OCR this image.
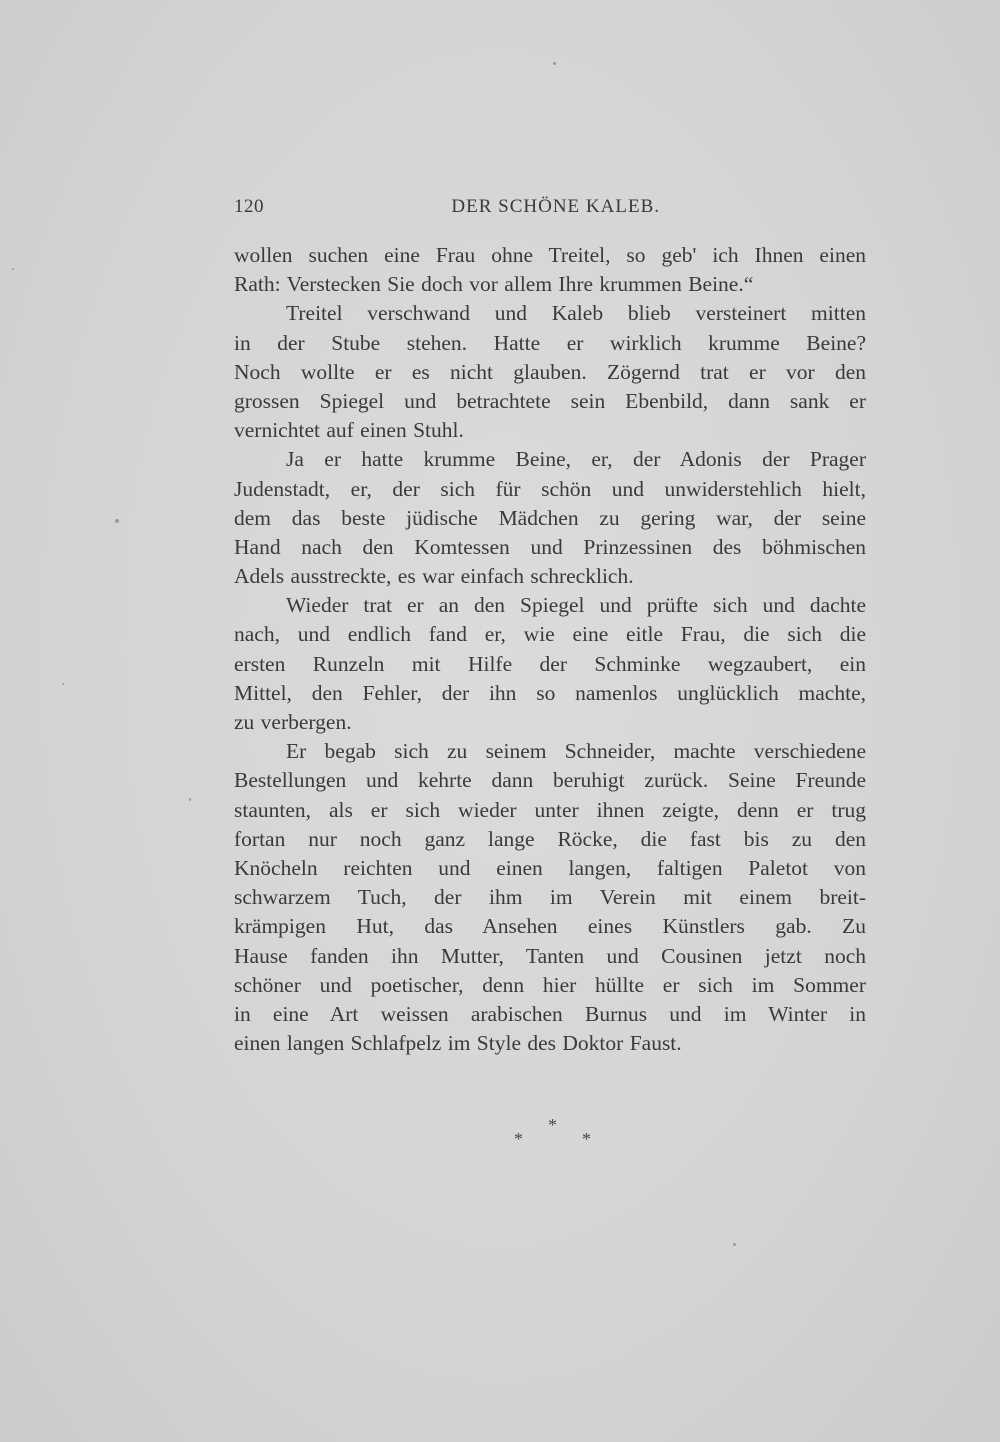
120	DER SCHÖNE KALEB.
wollen suchen eine Frau ohne Treitel, so geb' ich Ihnen einen
Rath: Verstecken Sie doch vor allem Ihre krummen Beine.“
Treitel verschwand und Kaleb blieb versteinert mitten
in der Stube stehen. Hatte er wirklich krumme Beine?
Noch wollte er es nicht glauben. Zögernd trat er vor den
grossen Spiegel und betrachtete sein Ebenbild, dann sank er
vernichtet auf einen Stuhl.
Ja er hatte krumme Beine, er, der Adonis der Prager
Judenstadt, er, der sich für schön und unwiderstehlich hielt,
dem das beste jüdische Mädchen zu gering war, der seine
Hand nach den Komtessen und Prinzessinen des böhmischen
Adels ausstreckte, es war einfach schrecklich.
Wieder trat er an den Spiegel und prüfte sich und dachte
nach, und endlich fand er, wie eine eitle Frau, die sich die
ersten Runzeln mit Hilfe der Schminke wegzaubert, ein
Mittel, den Fehler, der ihn so namenlos unglücklich machte,
zu verbergen.
Er begab sich zu seinem Schneider, machte verschiedene
Bestellungen und kehrte dann beruhigt zurück. Seine Freunde
staunten, als er sich wieder unter ihnen zeigte, denn er trug
fortan nur noch ganz lange Röcke, die fast bis zu den
Knöcheln reichten und einen langen, faltigen Paletot von
schwarzem Tuch, der ihm im Verein mit einem breit-
krämpigen Hut, das Ansehen eines Künstlers gab. Zu
Hause fanden ihn Mutter, Tanten und Cousinen jetzt noch
schöner und poetischer, denn hier hüllte er sich im Sommer
in eine Art weissen arabischen Burnus und im Winter in
einen langen Schlafpelz im Style des Doktor Faust.
*
*	*
